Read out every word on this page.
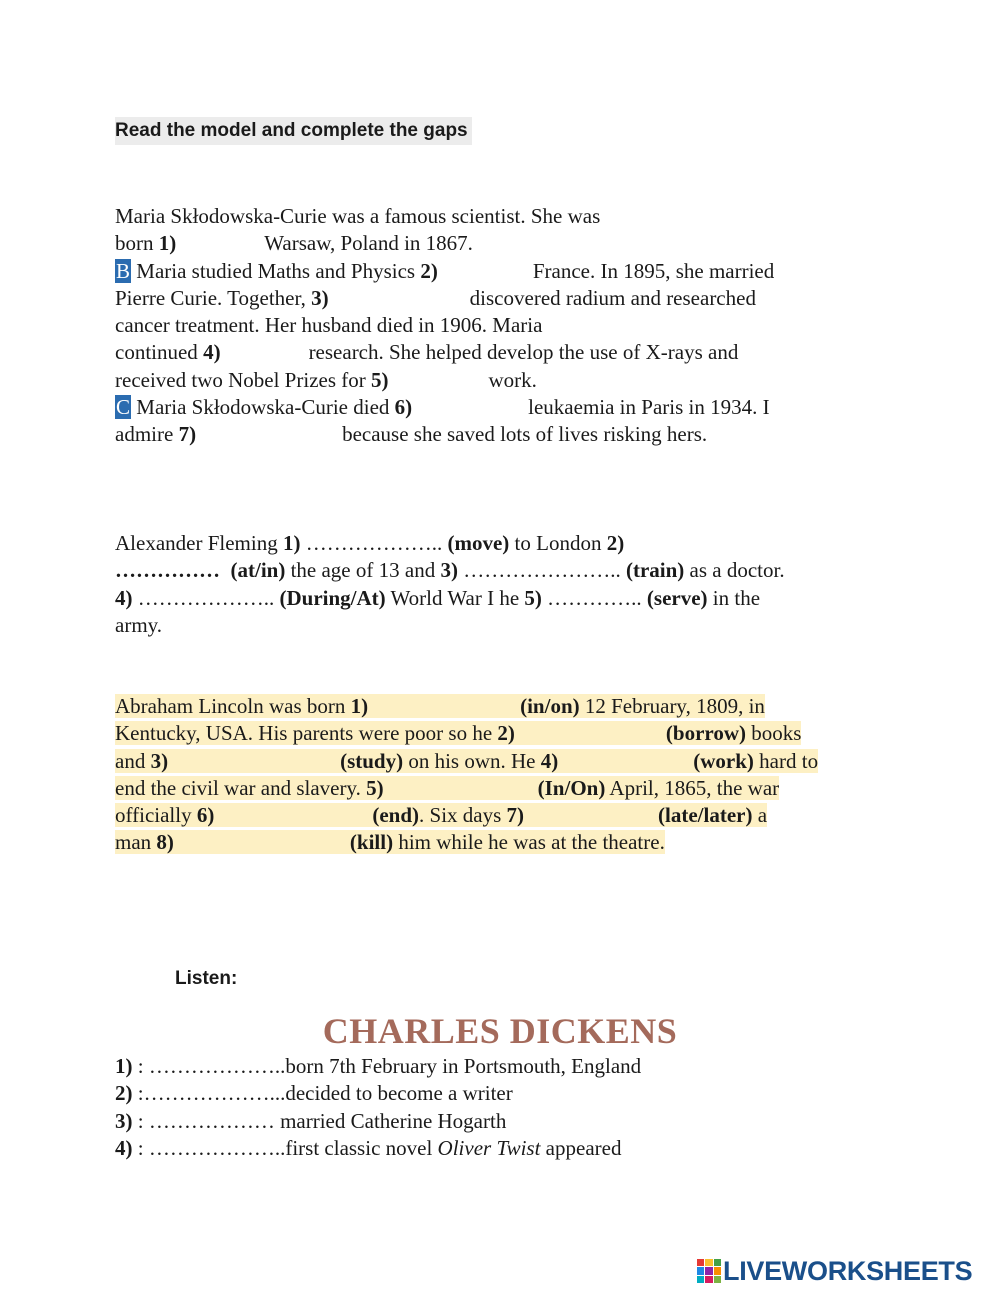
Read the model and complete the gaps
Maria Skłodowska-Curie was a famous scientist. She was
born 1)	Warsaw, Poland in 1867.
B Maria studied Maths and Physics 2)	France. In 1895, she married
Pierre Curie. Together, 3)	discovered radium and researched
cancer treatment. Her husband died in 1906. Maria
continued 4)	research. She helped develop the use of X-rays and
received two Nobel Prizes for 5)	work.
C Maria Skłodowska-Curie died 6)	leukaemia in Paris in 1934. I
admire 7)	because she saved lots of lives risking hers.
Alexander Fleming 1) ……………….. (move) to London 2)
…………… (at/in) the age of 13 and 3) ………………….. (train) as a doctor.
4) ……………….. (During/At) World War I he 5) ………….. (serve) in the
army.
Abraham Lincoln was born 1)	(in/on) 12 February, 1809, in
Kentucky, USA. His parents were poor so he 2)	(borrow) books
and 3)	(study) on his own. He 4)	(work) hard to
end the civil war and slavery. 5)	(In/On) April, 1865, the war
officially 6)	(end). Six days 7)	(late/later) a
man 8)	(kill) him while he was at the theatre.
Listen:
CHARLES DICKENS
1) : ………………..born 7th February in Portsmouth, England
2) :………………...decided to become a writer
3) : ……………… married Catherine Hogarth
4) : ………………..first classic novel Oliver Twist appeared
LIVEWORKSHEETS
